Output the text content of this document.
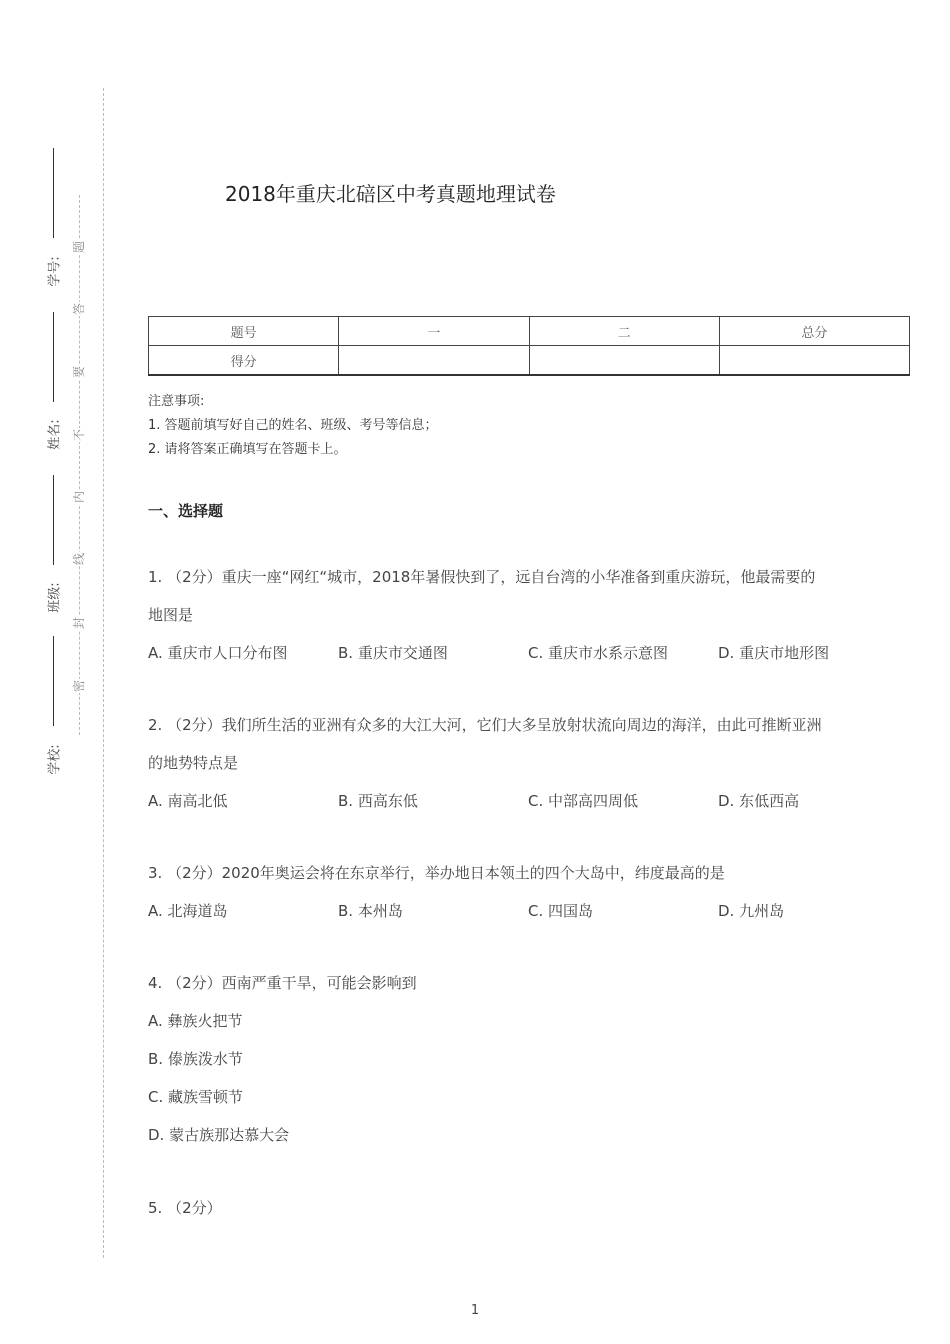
学号:
姓名:
班级:
学校:
题
答
要
不
内
线
封
密
2018年重庆北碚区中考真题地理试卷
题号	一	二	总分
得分			
注意事项:
1. 答题前填写好自己的姓名、班级、考号等信息；
2. 请将答案正确填写在答题卡上。
一、选择题
1. （2分）重庆一座“网红“城市，2018年暑假快到了，远自台湾的小华准备到重庆游玩，他最需要的
地图是
A. 重庆市人口分布图	B. 重庆市交通图	C. 重庆市水系示意图	D. 重庆市地形图
2. （2分）我们所生活的亚洲有众多的大江大河，它们大多呈放射状流向周边的海洋，由此可推断亚洲
的地势特点是
A. 南高北低	B. 西高东低	C. 中部高四周低	D. 东低西高
3. （2分）2020年奥运会将在东京举行，举办地日本领土的四个大岛中，纬度最高的是
A. 北海道岛	B. 本州岛	C. 四国岛	D. 九州岛
4. （2分）西南严重干旱，可能会影响到
A. 彝族火把节
B. 傣族泼水节
C. 藏族雪顿节
D. 蒙古族那达慕大会
5. （2分）
1
